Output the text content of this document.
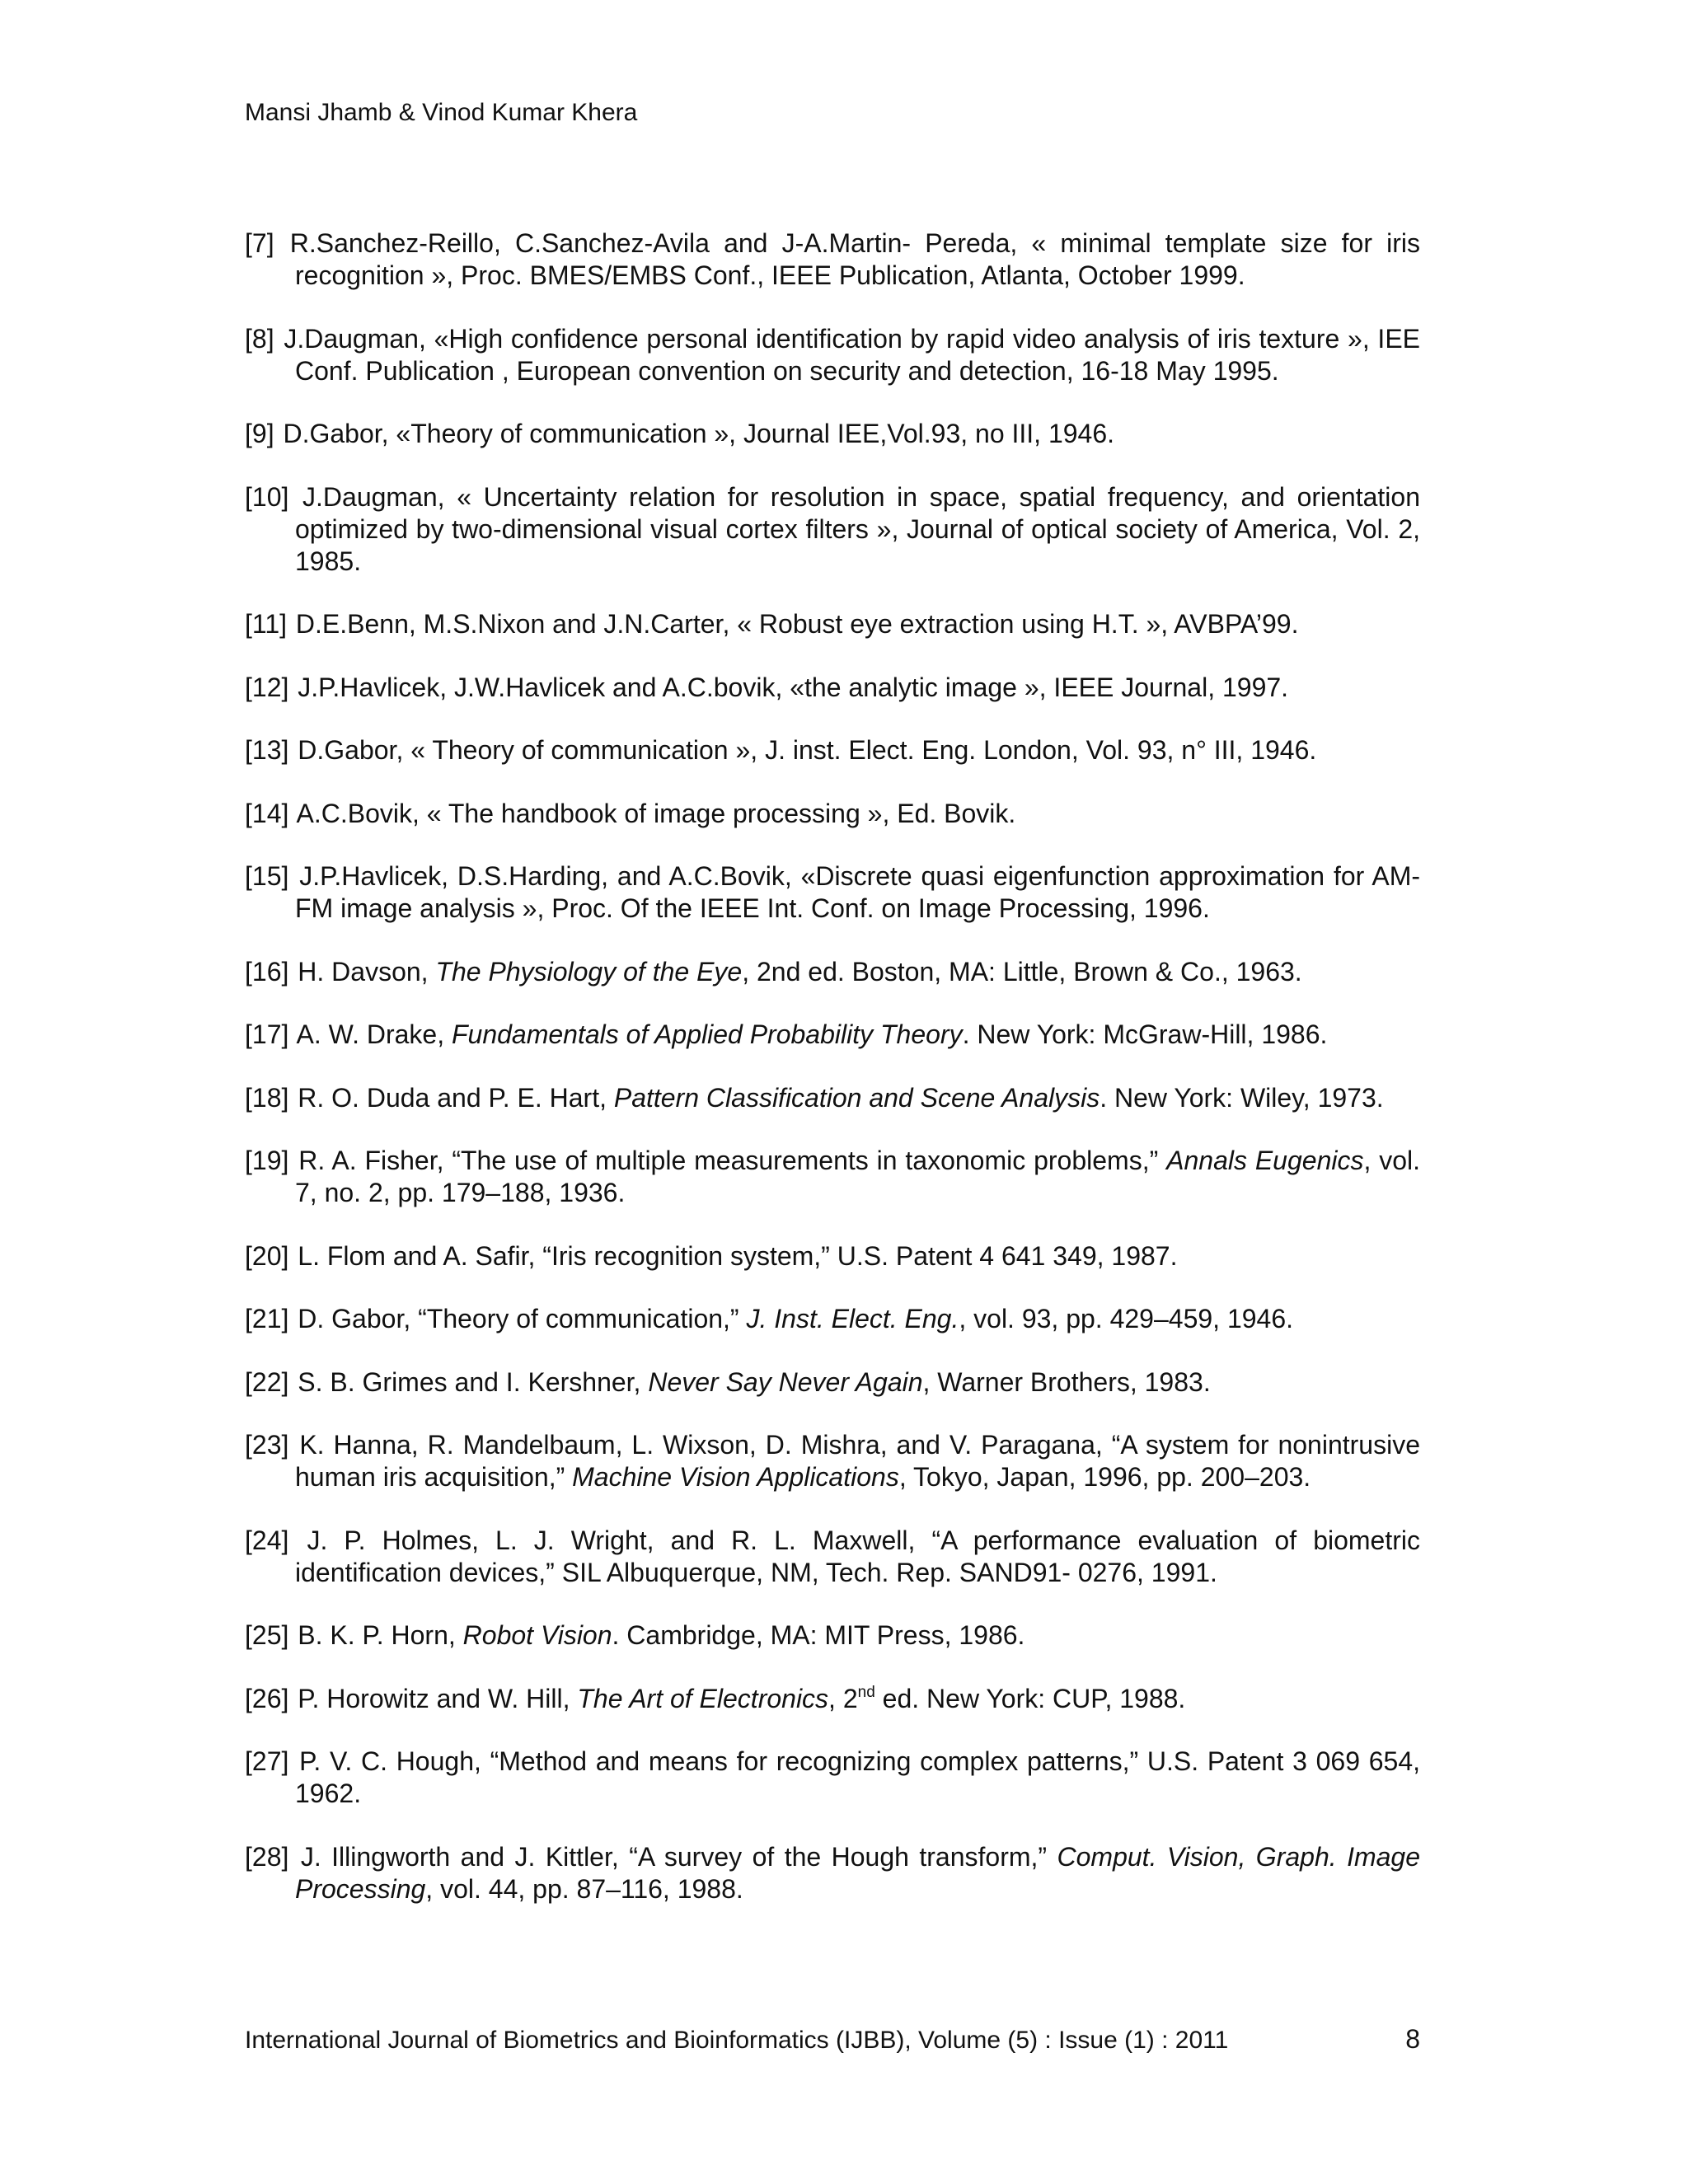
Mansi Jhamb & Vinod Kumar Khera
[7] R.Sanchez-Reillo, C.Sanchez-Avila and J-A.Martin- Pereda, « minimal template size for iris recognition », Proc. BMES/EMBS Conf., IEEE Publication, Atlanta, October 1999.
[8] J.Daugman, «High confidence personal identification by rapid video analysis of iris texture », IEE Conf. Publication , European convention on security and detection, 16-18 May 1995.
[9] D.Gabor, «Theory of communication », Journal IEE,Vol.93, no III, 1946.
[10] J.Daugman, « Uncertainty relation for resolution in space, spatial frequency, and orientation optimized by two-dimensional visual cortex filters », Journal of optical society of America, Vol. 2, 1985.
[11] D.E.Benn, M.S.Nixon and J.N.Carter, « Robust eye extraction using H.T. », AVBPA’99.
[12] J.P.Havlicek, J.W.Havlicek and A.C.bovik, «the analytic image », IEEE Journal, 1997.
[13] D.Gabor, « Theory of communication », J. inst. Elect. Eng. London, Vol. 93, n° III, 1946.
[14] A.C.Bovik, « The handbook of image processing », Ed. Bovik.
[15] J.P.Havlicek, D.S.Harding, and A.C.Bovik, «Discrete quasi eigenfunction approximation for AM-FM image analysis », Proc. Of the IEEE Int. Conf. on Image Processing, 1996.
[16] H. Davson, The Physiology of the Eye, 2nd ed. Boston, MA: Little, Brown & Co., 1963.
[17] A. W. Drake, Fundamentals of Applied Probability Theory. New York: McGraw-Hill, 1986.
[18] R. O. Duda and P. E. Hart, Pattern Classification and Scene Analysis. New York: Wiley, 1973.
[19] R. A. Fisher, “The use of multiple measurements in taxonomic problems,” Annals Eugenics, vol. 7, no. 2, pp. 179–188, 1936.
[20] L. Flom and A. Safir, “Iris recognition system,” U.S. Patent 4 641 349, 1987.
[21] D. Gabor, “Theory of communication,” J. Inst. Elect. Eng., vol. 93, pp. 429–459, 1946.
[22] S. B. Grimes and I. Kershner, Never Say Never Again, Warner Brothers, 1983.
[23] K. Hanna, R. Mandelbaum, L. Wixson, D. Mishra, and V. Paragana, “A system for nonintrusive human iris acquisition,” Machine Vision Applications, Tokyo, Japan, 1996, pp. 200–203.
[24] J. P. Holmes, L. J. Wright, and R. L. Maxwell, “A performance evaluation of biometric identification devices,” SIL Albuquerque, NM, Tech. Rep. SAND91- 0276, 1991.
[25] B. K. P. Horn, Robot Vision. Cambridge, MA: MIT Press, 1986.
[26] P. Horowitz and W. Hill, The Art of Electronics, 2nd ed. New York: CUP, 1988.
[27] P. V. C. Hough, “Method and means for recognizing complex patterns,” U.S. Patent 3 069 654, 1962.
[28] J. Illingworth and J. Kittler, “A survey of the Hough transform,” Comput. Vision, Graph. Image Processing, vol. 44, pp. 87–116, 1988.
International Journal of Biometrics and Bioinformatics (IJBB), Volume (5) : Issue (1) : 2011	8
